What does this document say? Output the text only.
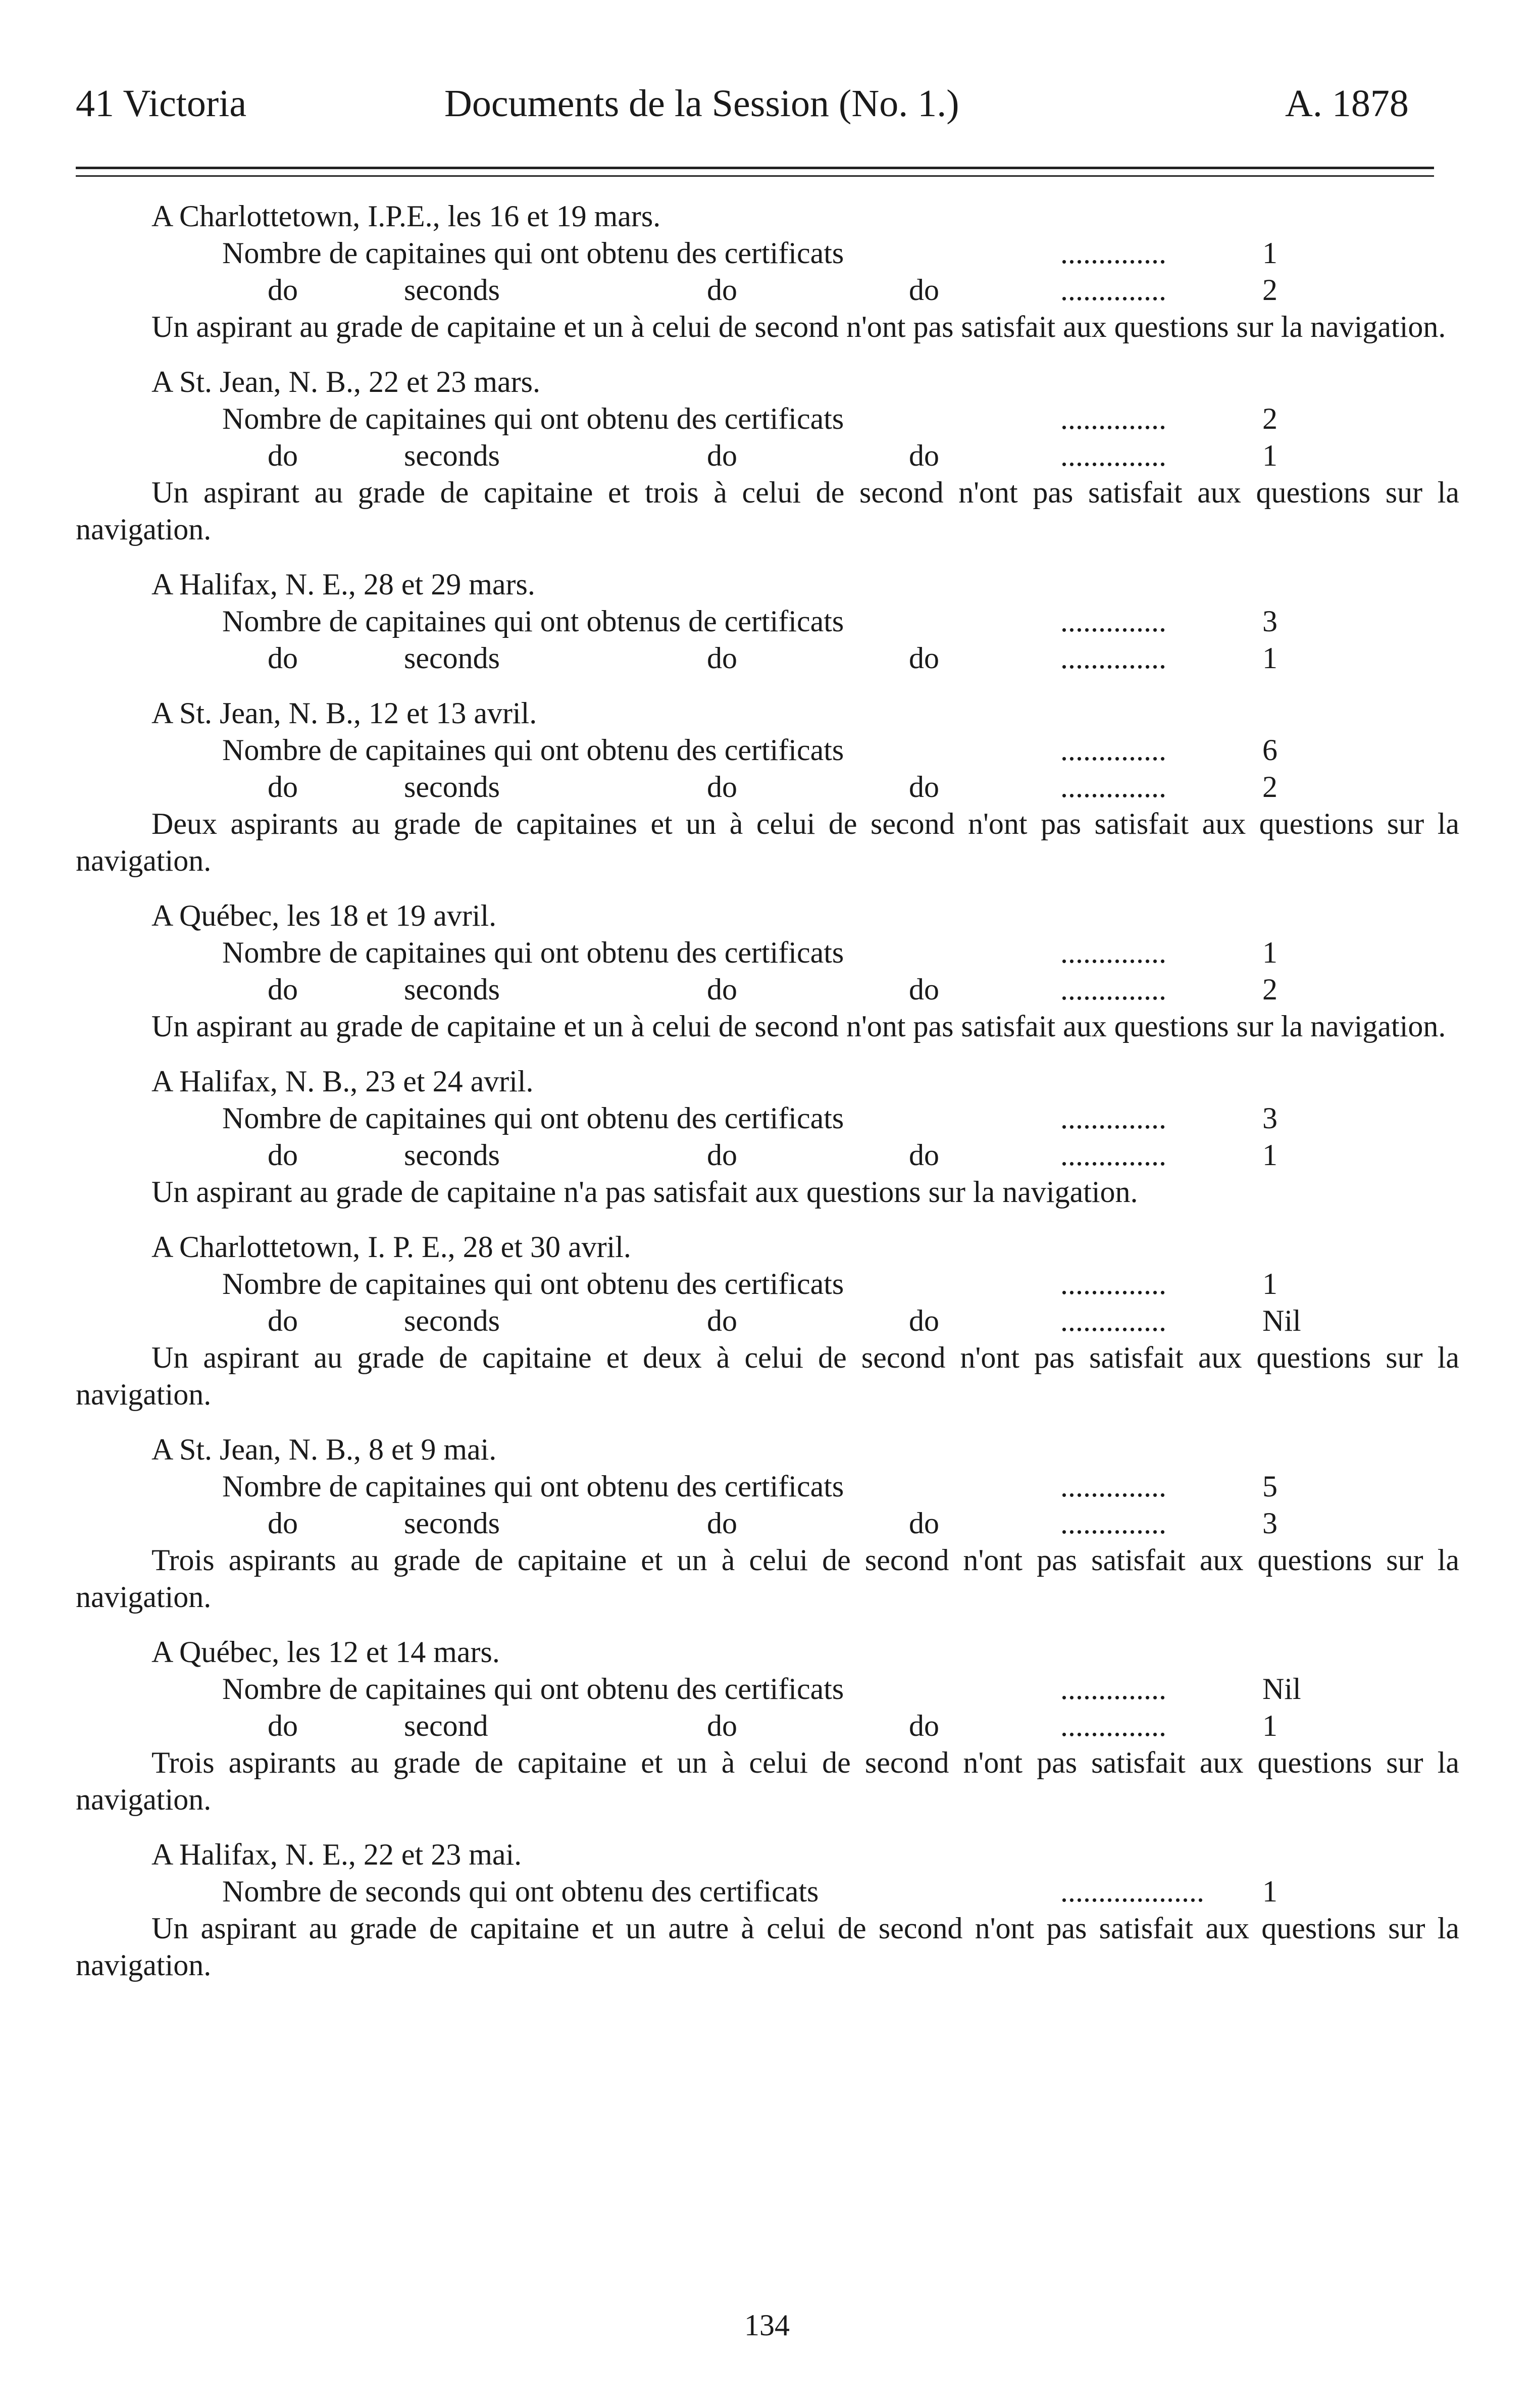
41 Victoria	Documents de la Session (No. 1.)	A. 1878
A Charlottetown, I.P.E., les 16 et 19 mars.
Nombre de capitaines qui ont obtenu des certificats	..............	1
do	seconds	do	do	..............	2
Un aspirant au grade de capitaine et un à celui de second n'ont pas satisfait aux questions sur la navigation.
A St. Jean, N. B., 22 et 23 mars.
Nombre de capitaines qui ont obtenu des certificats	..............	2
do	seconds	do	do	..............	1
Un aspirant au grade de capitaine et trois à celui de second n'ont pas satisfait aux questions sur la navigation.
A Halifax, N. E., 28 et 29 mars.
Nombre de capitaines qui ont obtenus de certificats	..............	3
do	seconds	do	do	..............	1
A St. Jean, N. B., 12 et 13 avril.
Nombre de capitaines qui ont obtenu des certificats	..............	6
do	seconds	do	do	..............	2
Deux aspirants au grade de capitaines et un à celui de second n'ont pas satisfait aux questions sur la navigation.
A Québec, les 18 et 19 avril.
Nombre de capitaines qui ont obtenu des certificats	..............	1
do	seconds	do	do	..............	2
Un aspirant au grade de capitaine et un à celui de second n'ont pas satisfait aux questions sur la navigation.
A Halifax, N. B., 23 et 24 avril.
Nombre de capitaines qui ont obtenu des certificats	..............	3
do	seconds	do	do	..............	1
Un aspirant au grade de capitaine n'a pas satisfait aux questions sur la navigation.
A Charlottetown, I. P. E., 28 et 30 avril.
Nombre de capitaines qui ont obtenu des certificats	..............	1
do	seconds	do	do	..............	Nil
Un aspirant au grade de capitaine et deux à celui de second n'ont pas satisfait aux questions sur la navigation.
A St. Jean, N. B., 8 et 9 mai.
Nombre de capitaines qui ont obtenu des certificats	..............	5
do	seconds	do	do	..............	3
Trois aspirants au grade de capitaine et un à celui de second n'ont pas satisfait aux questions sur la navigation.
A Québec, les 12 et 14 mars.
Nombre de capitaines qui ont obtenu des certificats	..............	Nil
do	second	do	do	..............	1
Trois aspirants au grade de capitaine et un à celui de second n'ont pas satisfait aux questions sur la navigation.
A Halifax, N. E., 22 et 23 mai.
Nombre de seconds qui ont obtenu des certificats	................... 1
Un aspirant au grade de capitaine et un autre à celui de second n'ont pas satisfait aux questions sur la navigation.
134
